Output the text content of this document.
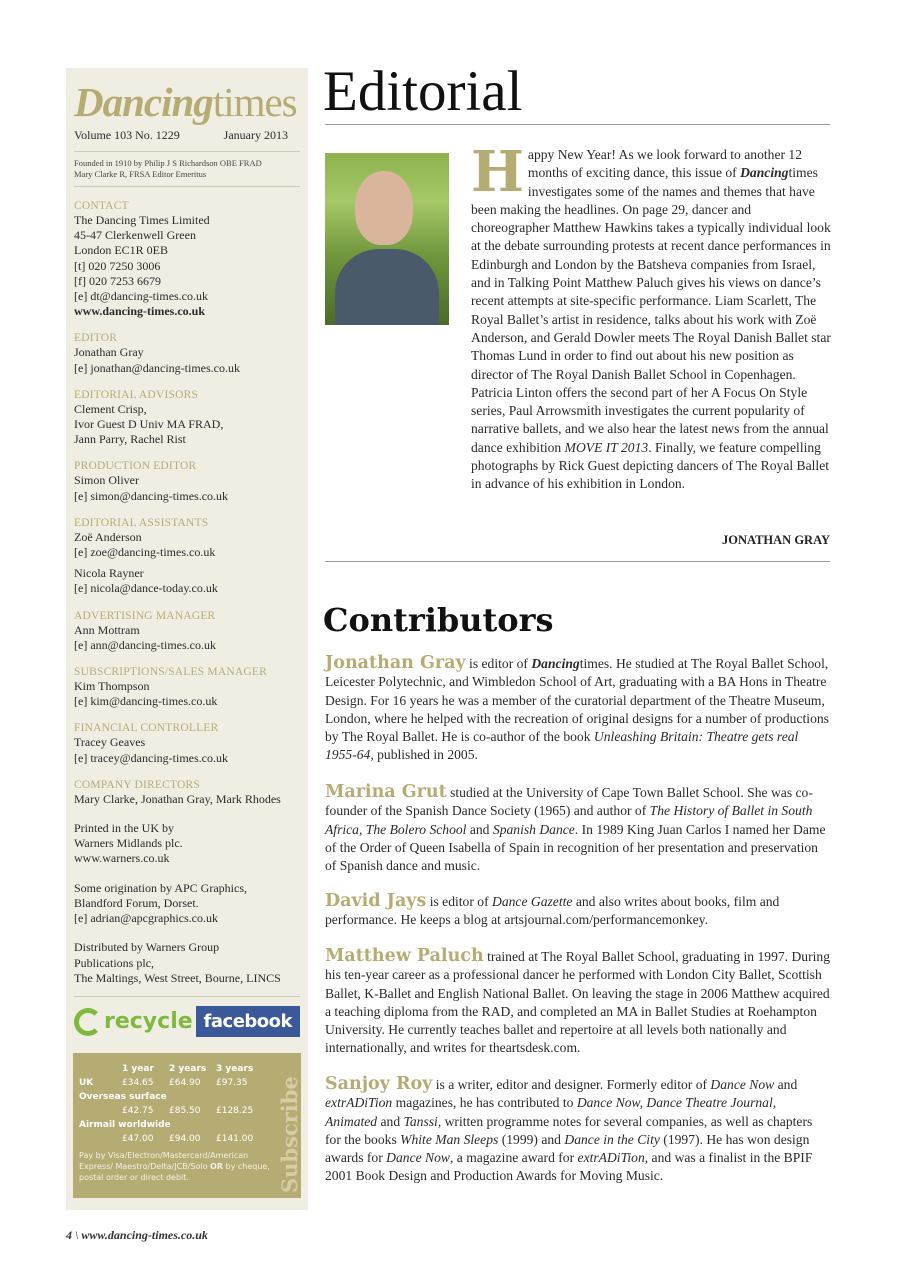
Dancingtimes
Volume 103 No. 1229	January 2013
Founded in 1910 by Philip J S Richardson OBE FRAD
Mary Clarke R, FRSA Editor Emeritus
CONTACT
The Dancing Times Limited
45-47 Clerkenwell Green
London EC1R 0EB
[t] 020 7250 3006
[f] 020 7253 6679
[e] dt@dancing-times.co.uk
www.dancing-times.co.uk
EDITOR
Jonathan Gray
[e] jonathan@dancing-times.co.uk
EDITORIAL ADVISORS
Clement Crisp,
Ivor Guest D Univ MA FRAD,
Jann Parry, Rachel Rist
PRODUCTION EDITOR
Simon Oliver
[e] simon@dancing-times.co.uk
EDITORIAL ASSISTANTS
Zoë Anderson
[e] zoe@dancing-times.co.uk
Nicola Rayner
[e] nicola@dance-today.co.uk
ADVERTISING MANAGER
Ann Mottram
[e] ann@dancing-times.co.uk
SUBSCRIPTIONS/SALES MANAGER
Kim Thompson
[e] kim@dancing-times.co.uk
FINANCIAL CONTROLLER
Tracey Geaves
[e] tracey@dancing-times.co.uk
COMPANY DIRECTORS
Mary Clarke, Jonathan Gray, Mark Rhodes
Printed in the UK by
Warners Midlands plc.
www.warners.co.uk
Some origination by APC Graphics,
Blandford Forum, Dorset.
[e] adrian@apcgraphics.co.uk
Distributed by Warners Group
Publications plc,
The Maltings, West Street, Bourne, LINCS
recycle facebook
	1 year	2 years	3 years
UK	£34.65	£64.90	£97.35
Overseas surface			
	£42.75	£85.50	£128.25
Airmail worldwide			
	£47.00	£94.00	£141.00
Pay by Visa/Electron/Mastercard/American Express/ Maestro/Delta/JCB/Solo OR by cheque, postal order or direct debit.	Subscribe
4 \ www.dancing-times.co.uk
Editorial
Happy New Year! As we look forward to another 12 months of exciting dance, this issue of Dancingtimes investigates some of the names and themes that have been making the headlines. On page 29, dancer and choreographer Matthew Hawkins takes a typically individual look at the debate surrounding protests at recent dance performances in Edinburgh and London by the Batsheva companies from Israel, and in Talking Point Matthew Paluch gives his views on dance’s recent attempts at site-specific performance. Liam Scarlett, The Royal Ballet’s artist in residence, talks about his work with Zoë Anderson, and Gerald Dowler meets The Royal Danish Ballet star Thomas Lund in order to find out about his new position as director of The Royal Danish Ballet School in Copenhagen. Patricia Linton offers the second part of her A Focus On Style series, Paul Arrowsmith investigates the current popularity of narrative ballets, and we also hear the latest news from the annual dance exhibition MOVE IT 2013. Finally, we feature compelling photographs by Rick Guest depicting dancers of The Royal Ballet in advance of his exhibition in London.
JONATHAN GRAY
Contributors
Jonathan Gray is editor of Dancingtimes. He studied at The Royal Ballet School, Leicester Polytechnic, and Wimbledon School of Art, graduating with a BA Hons in Theatre Design. For 16 years he was a member of the curatorial department of the Theatre Museum, London, where he helped with the recreation of original designs for a number of productions by The Royal Ballet. He is co-author of the book Unleashing Britain: Theatre gets real 1955-64, published in 2005.
Marina Grut studied at the University of Cape Town Ballet School. She was co-founder of the Spanish Dance Society (1965) and author of The History of Ballet in South Africa, The Bolero School and Spanish Dance. In 1989 King Juan Carlos I named her Dame of the Order of Queen Isabella of Spain in recognition of her presentation and preservation of Spanish dance and music.
David Jays is editor of Dance Gazette and also writes about books, film and performance. He keeps a blog at artsjournal.com/performancemonkey.
Matthew Paluch trained at The Royal Ballet School, graduating in 1997. During his ten-year career as a professional dancer he performed with London City Ballet, Scottish Ballet, K-Ballet and English National Ballet. On leaving the stage in 2006 Matthew acquired a teaching diploma from the RAD, and completed an MA in Ballet Studies at Roehampton University. He currently teaches ballet and repertoire at all levels both nationally and internationally, and writes for theartsdesk.com.
Sanjoy Roy is a writer, editor and designer. Formerly editor of Dance Now and extrADiTion magazines, he has contributed to Dance Now, Dance Theatre Journal, Animated and Tanssi, written programme notes for several companies, as well as chapters for the books White Man Sleeps (1999) and Dance in the City (1997). He has won design awards for Dance Now, a magazine award for extrADiTion, and was a finalist in the BPIF 2001 Book Design and Production Awards for Moving Music.
